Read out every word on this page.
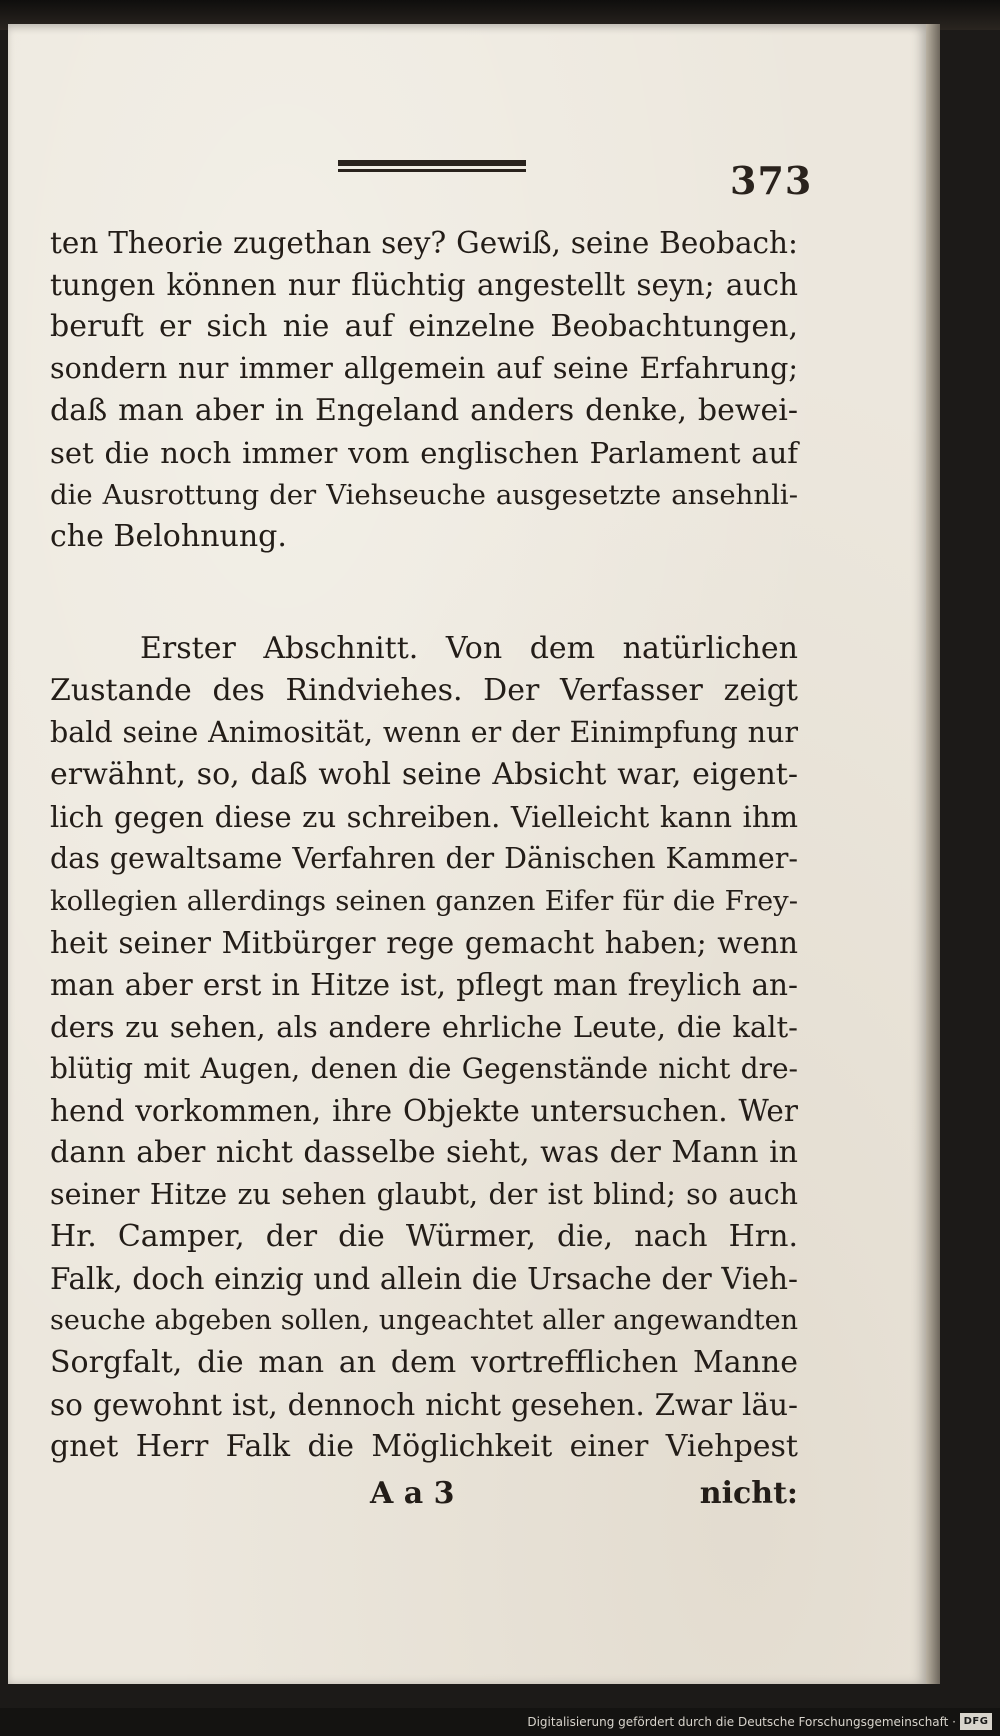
373
ten Theorie zugethan sey? Gewiß, seine Beobach:
tungen können nur flüchtig angestellt seyn; auch
beruft er sich nie auf einzelne Beobachtungen,
sondern nur immer allgemein auf seine Erfahrung;
daß man aber in Engeland anders denke, bewei-
set die noch immer vom englischen Parlament auf
die Ausrottung der Viehseuche ausgesetzte ansehnli-
che Belohnung.
Erster Abschnitt. Von dem natürlichen
Zustande des Rindviehes. Der Verfasser zeigt
bald seine Animosität, wenn er der Einimpfung nur
erwähnt, so, daß wohl seine Absicht war, eigent-
lich gegen diese zu schreiben. Vielleicht kann ihm
das gewaltsame Verfahren der Dänischen Kammer-
kollegien allerdings seinen ganzen Eifer für die Frey-
heit seiner Mitbürger rege gemacht haben; wenn
man aber erst in Hitze ist, pflegt man freylich an-
ders zu sehen, als andere ehrliche Leute, die kalt-
blütig mit Augen, denen die Gegenstände nicht dre-
hend vorkommen, ihre Objekte untersuchen. Wer
dann aber nicht dasselbe sieht, was der Mann in
seiner Hitze zu sehen glaubt, der ist blind; so auch
Hr. Camper, der die Würmer, die, nach Hrn.
Falk, doch einzig und allein die Ursache der Vieh-
seuche abgeben sollen, ungeachtet aller angewandten
Sorgfalt, die man an dem vortrefflichen Manne
so gewohnt ist, dennoch nicht gesehen. Zwar läu-
gnet Herr Falk die Möglichkeit einer Viehpest
A a 3	nicht:
Digitalisierung gefördert durch die Deutsche Forschungsgemeinschaft · DFG
